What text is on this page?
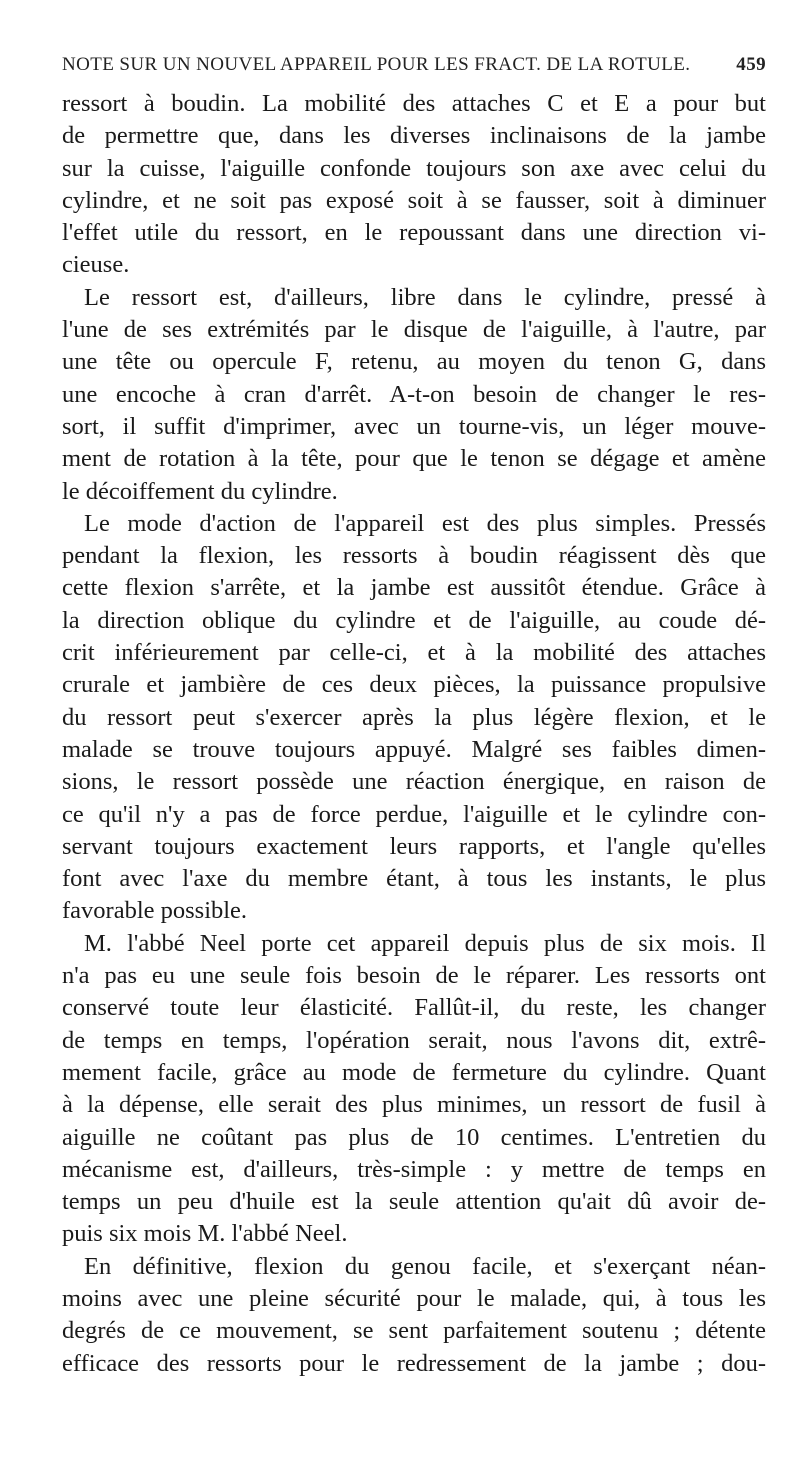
NOTE SUR UN NOUVEL APPAREIL POUR LES FRACT. DE LA ROTULE. 459
ressort à boudin. La mobilité des attaches C et E a pour but
de permettre que, dans les diverses inclinaisons de la jambe
sur la cuisse, l'aiguille confonde toujours son axe avec celui du
cylindre, et ne soit pas exposé soit à se fausser, soit à diminuer
l'effet utile du ressort, en le repoussant dans une direction vi-
cieuse.
Le ressort est, d'ailleurs, libre dans le cylindre, pressé à
l'une de ses extrémités par le disque de l'aiguille, à l'autre, par
une tête ou opercule F, retenu, au moyen du tenon G, dans
une encoche à cran d'arrêt. A-t-on besoin de changer le res-
sort, il suffit d'imprimer, avec un tourne-vis, un léger mouve-
ment de rotation à la tête, pour que le tenon se dégage et amène
le décoiffement du cylindre.
Le mode d'action de l'appareil est des plus simples. Pressés
pendant la flexion, les ressorts à boudin réagissent dès que
cette flexion s'arrête, et la jambe est aussitôt étendue. Grâce à
la direction oblique du cylindre et de l'aiguille, au coude dé-
crit inférieurement par celle-ci, et à la mobilité des attaches
crurale et jambière de ces deux pièces, la puissance propulsive
du ressort peut s'exercer après la plus légère flexion, et le
malade se trouve toujours appuyé. Malgré ses faibles dimen-
sions, le ressort possède une réaction énergique, en raison de
ce qu'il n'y a pas de force perdue, l'aiguille et le cylindre con-
servant toujours exactement leurs rapports, et l'angle qu'elles
font avec l'axe du membre étant, à tous les instants, le plus
favorable possible.
M. l'abbé Neel porte cet appareil depuis plus de six mois. Il
n'a pas eu une seule fois besoin de le réparer. Les ressorts ont
conservé toute leur élasticité. Fallût-il, du reste, les changer
de temps en temps, l'opération serait, nous l'avons dit, extrê-
mement facile, grâce au mode de fermeture du cylindre. Quant
à la dépense, elle serait des plus minimes, un ressort de fusil à
aiguille ne coûtant pas plus de 10 centimes. L'entretien du
mécanisme est, d'ailleurs, très-simple : y mettre de temps en
temps un peu d'huile est la seule attention qu'ait dû avoir de-
puis six mois M. l'abbé Neel.
En définitive, flexion du genou facile, et s'exerçant néan-
moins avec une pleine sécurité pour le malade, qui, à tous les
degrés de ce mouvement, se sent parfaitement soutenu ; détente
efficace des ressorts pour le redressement de la jambe ; dou-
